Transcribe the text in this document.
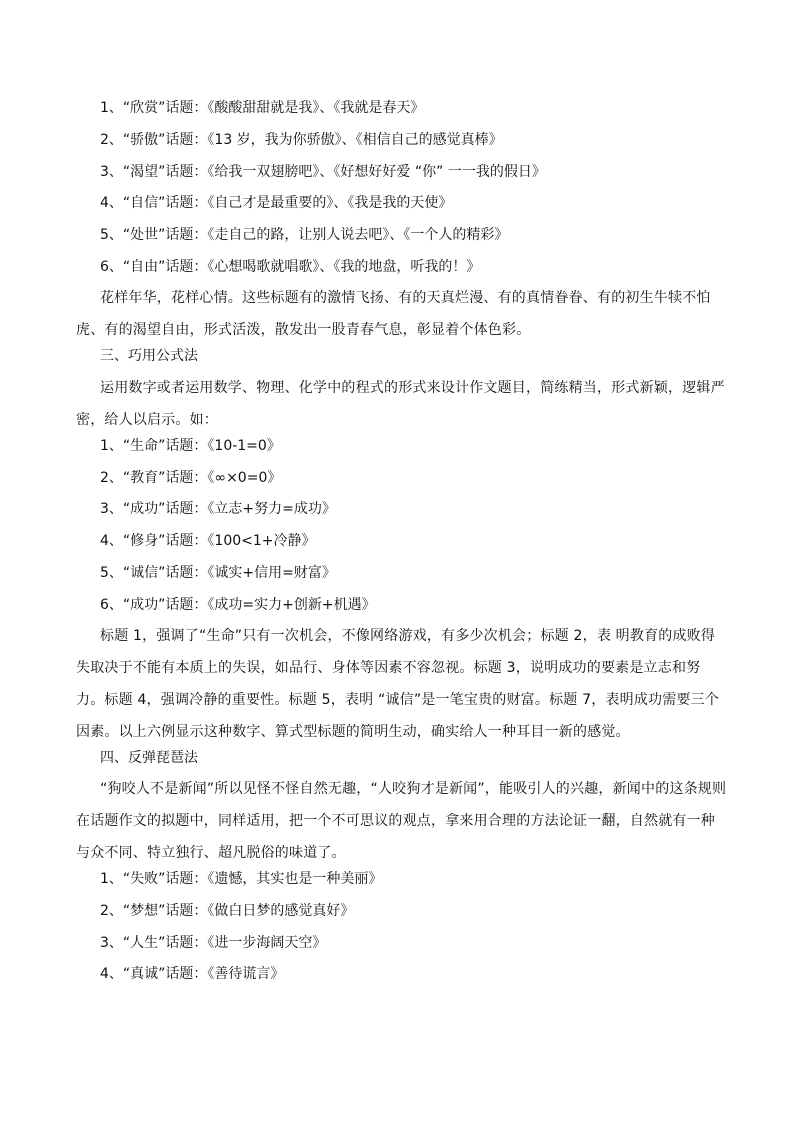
1、“欣赏”话题：《酸酸甜甜就是我》、《我就是春天》

2、“骄傲”话题：《13 岁，我为你骄傲》、《相信自己的感觉真棒》

3、“渴望”话题：《给我一双翅膀吧》、《好想好好爱 “你” 一一我的假日》

4、“自信”话题：《自己才是最重要的》、《我是我的天使》

5、“处世”话题：《走自己的路，让别人说去吧》、《一个人的精彩》

6、“自由”话题：《心想喝歌就唱歌》、《我的地盘，听我的！》

花样年华，花样心情。这些标题有的激情飞扬、有的天真烂漫、有的真情眷眷、有的初生牛犊不怕虎、有的渴望自由，形式活泼，散发出一股青春气息，彰显着个体色彩。

三、巧用公式法

运用数字或者运用数学、物理、化学中的程式的形式来设计作文题目，简练精当，形式新颖，逻辑严密，给人以启示。如：

1、“生命”话题：《10-1=0》

2、“教育”话题：《∞×0=0》

3、“成功”话题：《立志+努力=成功》

4、“修身”话题：《100<1+冷静》

5、“诚信”话题：《诚实+信用=财富》

6、“成功”话题：《成功=实力+创新+机遇》

标题 1，强调了“生命”只有一次机会，不像网络游戏，有多少次机会；标题 2，表 明教育的成败得失取决于不能有本质上的失误，如品行、身体等因素不容忽视。标题 3，说明成功的要素是立志和努力。标题 4，强调冷静的重要性。标题 5，表明 “诚信”是一笔宝贵的财富。标题 7，表明成功需要三个因素。以上六例显示这种数字、算式型标题的简明生动，确实给人一种耳目一新的感觉。

四、反弹琵琶法

“狗咬人不是新闻”所以见怪不怪自然无趣，“人咬狗才是新闻”，能吸引人的兴趣，新闻中的这条规则在话题作文的拟题中，同样适用，把一个不可思议的观点，拿来用合理的方法论证一翻，自然就有一种与众不同、特立独行、超凡脱俗的味道了。

1、“失败”话题：《遗憾，其实也是一种美丽》

2、“梦想”话题：《做白日梦的感觉真好》

3、“人生”话题：《进一步海阔天空》

4、“真诚”话题：《善待谎言》
